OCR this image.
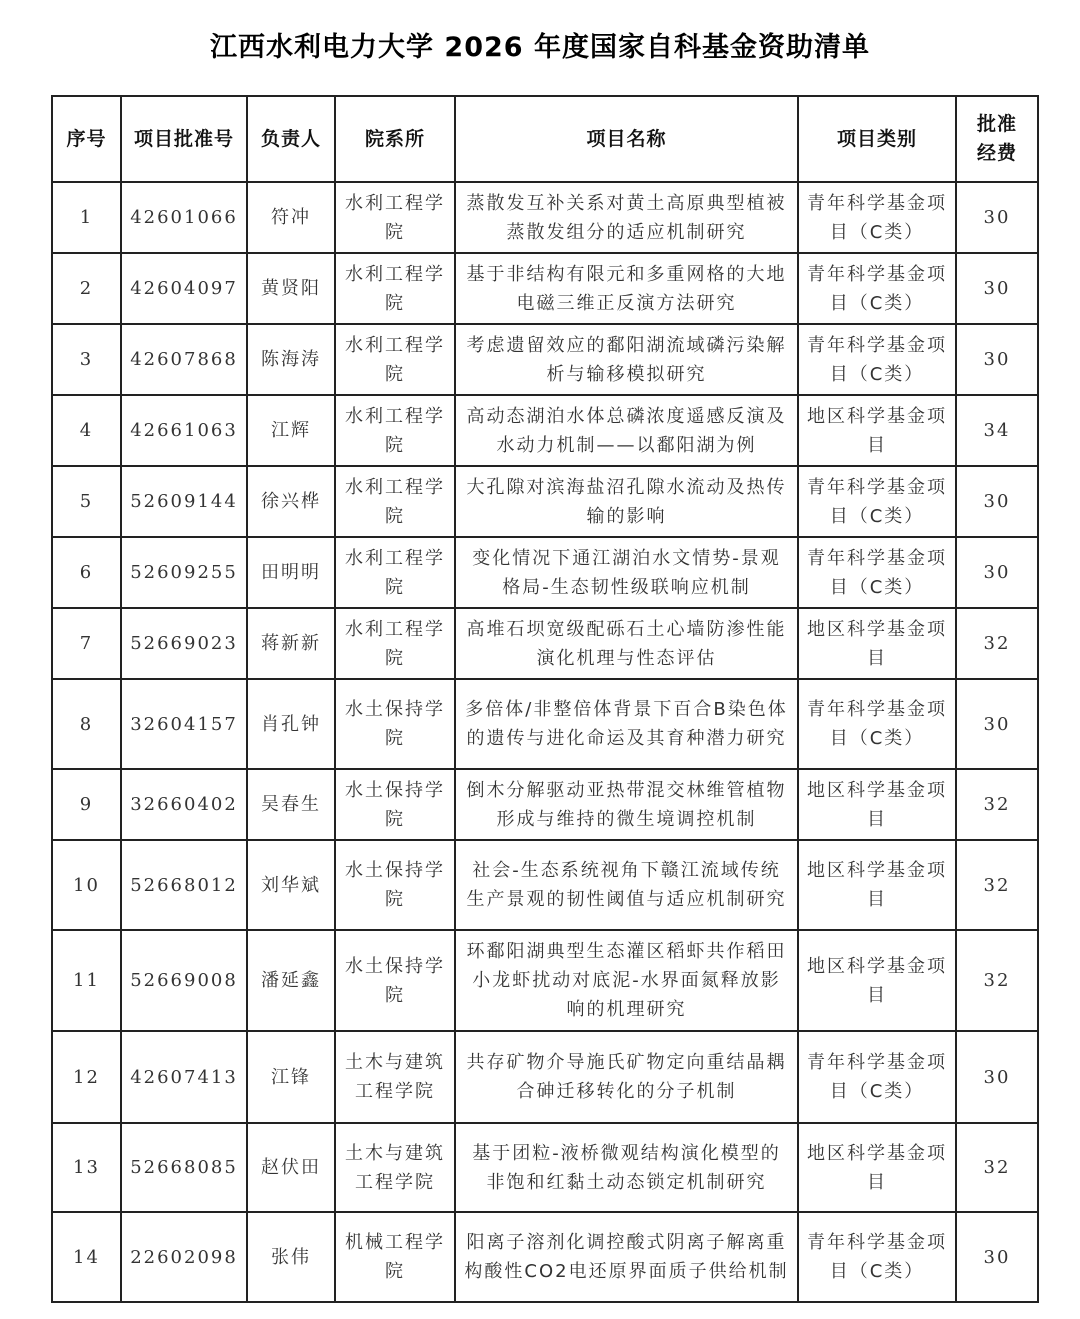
江西水利电力大学 2026 年度国家自科基金资助清单
序号	项目批准号	负责人	院系所	项目名称	项目类别	批准经费
1	42601066	符冲	水利工程学院	蒸散发互补关系对黄土高原典型植被蒸散发组分的适应机制研究	青年科学基金项目（C类）	30
2	42604097	黄贤阳	水利工程学院	基于非结构有限元和多重网格的大地电磁三维正反演方法研究	青年科学基金项目（C类）	30
3	42607868	陈海涛	水利工程学院	考虑遗留效应的鄱阳湖流域磷污染解析与输移模拟研究	青年科学基金项目（C类）	30
4	42661063	江辉	水利工程学院	高动态湖泊水体总磷浓度遥感反演及水动力机制——以鄱阳湖为例	地区科学基金项目	34
5	52609144	徐兴桦	水利工程学院	大孔隙对滨海盐沼孔隙水流动及热传输的影响	青年科学基金项目（C类）	30
6	52609255	田明明	水利工程学院	变化情况下通江湖泊水文情势-景观格局-生态韧性级联响应机制	青年科学基金项目（C类）	30
7	52669023	蒋新新	水利工程学院	高堆石坝宽级配砾石土心墙防渗性能演化机理与性态评估	地区科学基金项目	32
8	32604157	肖孔钟	水土保持学院	多倍体/非整倍体背景下百合B染色体的遗传与进化命运及其育种潜力研究	青年科学基金项目（C类）	30
9	32660402	吴春生	水土保持学院	倒木分解驱动亚热带混交林维管植物形成与维持的微生境调控机制	地区科学基金项目	32
10	52668012	刘华斌	水土保持学院	社会-生态系统视角下赣江流域传统生产景观的韧性阈值与适应机制研究	地区科学基金项目	32
11	52669008	潘延鑫	水土保持学院	环鄱阳湖典型生态灌区稻虾共作稻田小龙虾扰动对底泥-水界面氮释放影响的机理研究	地区科学基金项目	32
12	42607413	江锋	土木与建筑工程学院	共存矿物介导施氏矿物定向重结晶耦合砷迁移转化的分子机制	青年科学基金项目（C类）	30
13	52668085	赵伏田	土木与建筑工程学院	基于团粒-液桥微观结构演化模型的非饱和红黏土动态锁定机制研究	地区科学基金项目	32
14	22602098	张伟	机械工程学院	阳离子溶剂化调控酸式阴离子解离重构酸性CO2电还原界面质子供给机制	青年科学基金项目（C类）	30
